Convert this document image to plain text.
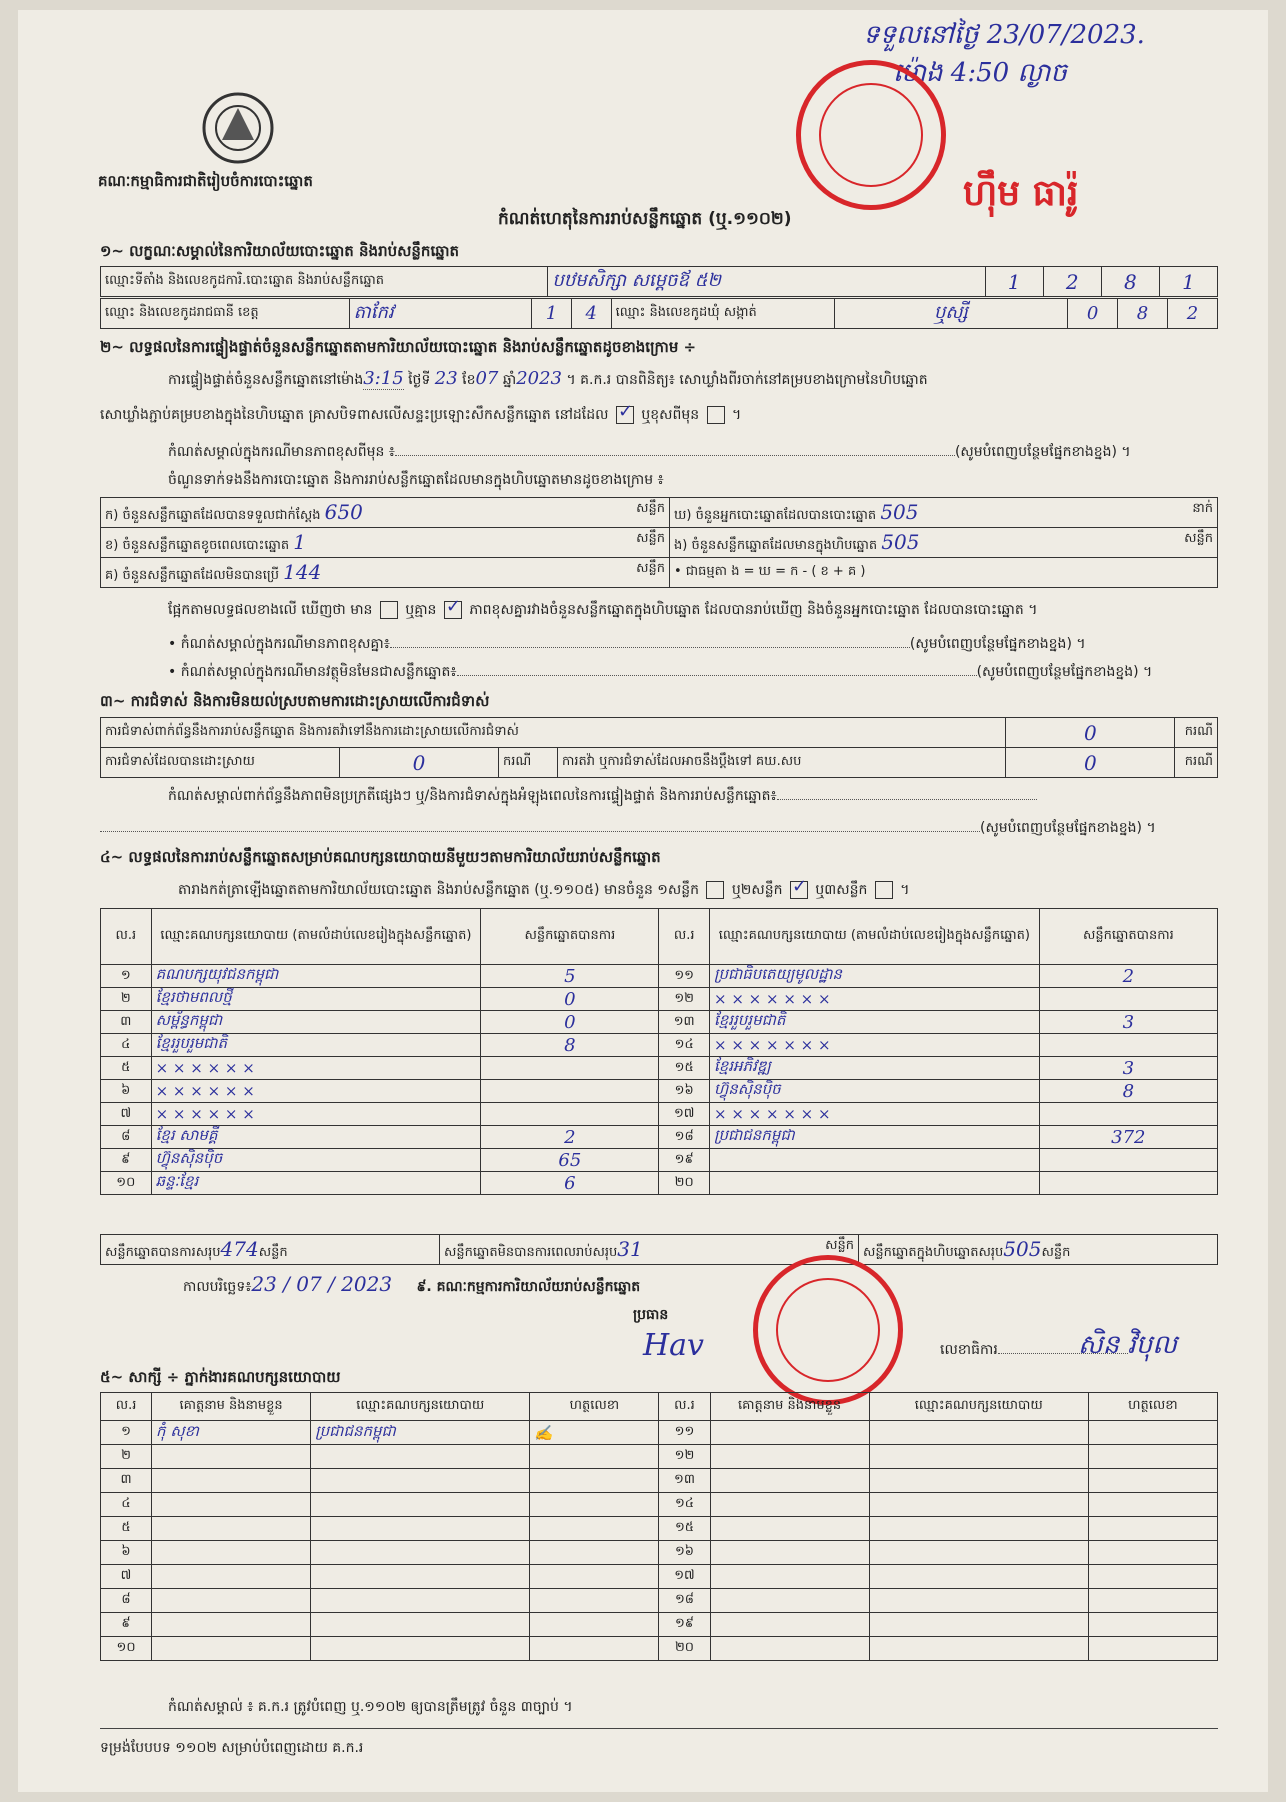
ទទួលនៅថ្ងៃ 23/07/2023.
ម៉ោង 4:50 ល្ងាច
គណៈកម្មាធិការជាតិរៀបចំការបោះឆ្នោត	ហ៊ឹម ធារ៉ូ
កំណត់ហេតុនៃការរាប់សន្លឹកឆ្នោត (ឬ.១១០២)
១~ លក្ខណៈសម្គាល់នៃការិយាល័យបោះឆ្នោត និងរាប់សន្លឹកឆ្នោត
ឈ្មោះទីតាំង និងលេខកូដការិ.បោះឆ្នោត និងរាប់សន្លឹកឆ្នោត	បឋមសិក្សា សម្ដេចឪ ៥២	1	2	8	1
ឈ្មោះ និងលេខកូដរាជធានី ខេត្ត	តាកែវ	1	4	ឈ្មោះ និងលេខកូដឃុំ សង្កាត់	ឬស្សី	0	8	2
២~ លទ្ធផលនៃការផ្ទៀងផ្ទាត់ចំនួនសន្លឹកឆ្នោតតាមការិយាល័យបោះឆ្នោត និងរាប់សន្លឹកឆ្នោតដូចខាងក្រោម ÷
ការផ្ទៀងផ្ទាត់ចំនួនសន្លឹកឆ្នោតនៅម៉ោង3:15 ថ្ងៃទី 23 ខែ07 ឆ្នាំ2023 ។ គ.ក.រ បានពិនិត្យ៖ សោឃ្លាំងពីរចាក់នៅគម្របខាងក្រោមនៃហិបឆ្នោត
សោឃ្លាំងភ្ជាប់គម្របខាងក្នុងនៃហិបឆ្នោត គ្រាសបិទពាសលើសន្ទះប្រឡោះសឹកសន្លឹកឆ្នោត នៅដដែល ✓ ឬខុសពីមុន  ។
កំណត់សម្គាល់ក្នុងករណីមានភាពខុសពីមុន ៖	(សូមបំពេញបន្ថែមផ្នែកខាងខ្នង) ។
ចំណួនទាក់ទងនឹងការបោះឆ្នោត និងការរាប់សន្លឹកឆ្នោតដែលមានក្នុងហិបឆ្នោតមានដូចខាងក្រោម ៖
ក) ចំនួនសន្លឹកឆ្នោតដែលបានទទួលជាក់ស្ដែង 650 សន្លឹក	ឃ) ចំនួនអ្នកបោះឆ្នោតដែលបានបោះឆ្នោត 505 នាក់

ខ) ចំនួនសន្លឹកឆ្នោតខូចពេលបោះឆ្នោត 1 សន្លឹក	ង) ចំនួនសន្លឹកឆ្នោតដែលមានក្នុងហិបឆ្នោត 505 សន្លឹក

គ) ចំនួនសន្លឹកឆ្នោតដែលមិនបានប្រើ 144 សន្លឹក	• ជាធម្មតា ង = ឃ = ក - ( ខ + គ )
ផ្អែកតាមលទ្ធផលខាងលើ ឃើញថា មាន ឬគ្មាន ✓ ភាពខុសគ្នារវាងចំនួនសន្លឹកឆ្នោតក្នុងហិបឆ្នោត ដែលបានរាប់ឃើញ និងចំនួនអ្នកបោះឆ្នោត ដែលបានបោះឆ្នោត ។
• កំណត់សម្គាល់ក្នុងករណីមានភាពខុសគ្នា៖	(សូមបំពេញបន្ថែមផ្នែកខាងខ្នង) ។
• កំណត់សម្គាល់ក្នុងករណីមានវត្ថុមិនមែនជាសន្លឹកឆ្នោត៖	(សូមបំពេញបន្ថែមផ្នែកខាងខ្នង) ។
៣~ ការជំទាស់ និងការមិនយល់ស្របតាមការដោះស្រាយលើការជំទាស់
ការជំទាស់ពាក់ព័ន្ធនឹងការរាប់សន្លឹកឆ្នោត និងការតវ៉ាទៅនឹងការដោះស្រាយលើការជំទាស់				0	ករណី
ការជំទាស់ដែលបានដោះស្រាយ	0	ករណី	ការតវ៉ា ឬការជំទាស់ដែលអាចនឹងប្ដឹងទៅ គឃ.សប	0	ករណី
កំណត់សម្គាល់ពាក់ព័ន្ធនឹងភាពមិនប្រក្រតីផ្សេងៗ ឬ/និងការជំទាស់ក្នុងអំឡុងពេលនៃការផ្ទៀងផ្ទាត់ និងការរាប់សន្លឹកឆ្នោត៖
(សូមបំពេញបន្ថែមផ្នែកខាងខ្នង) ។
៤~ លទ្ធផលនៃការរាប់សន្លឹកឆ្នោតសម្រាប់គណបក្សនយោបាយនីមួយៗតាមការិយាល័យរាប់សន្លឹកឆ្នោត
តារាងកត់ត្រាឡើងឆ្នោតតាមការិយាល័យបោះឆ្នោត និងរាប់សន្លឹកឆ្នោត (ឬ.១១០៥) មានចំនួន ១សន្លឹក ឬ២សន្លឹក ✓ ឬ៣សន្លឹក  ។
ល.រ	ឈ្មោះគណបក្សនយោបាយ (តាមលំដាប់លេខរៀងក្នុងសន្លឹកឆ្នោត)	សន្លឹកឆ្នោតបានការ	ល.រ	ឈ្មោះគណបក្សនយោបាយ (តាមលំដាប់លេខរៀងក្នុងសន្លឹកឆ្នោត)	សន្លឹកឆ្នោតបានការ
១	គណបក្សយុវជនកម្ពុជា	5	១១	ប្រជាធិបតេយ្យមូលដ្ឋាន	2
២	ខ្មែរថាមពលថ្មី	0	១២	× × × × × × ×	
៣	សម្ព័ន្ធកម្ពុជា	0	១៣	ខ្មែររួបរួមជាតិ	3
៤	ខ្មែររួបរួមជាតិ	8	១៤	× × × × × × ×	
៥	× × × × × ×		១៥	ខ្មែរអភិវឌ្ឍ	3
៦	× × × × × ×		១៦	ហ៊្វុនស៊ិនប៉ិច	8
៧	× × × × × ×		១៧	× × × × × × ×	
៨	ខ្មែរ សាមគ្គី	2	១៨	ប្រជាជនកម្ពុជា	372
៩	ហ៊្វុនស៊ិនប៉ិច	65	១៩		
១០	ឆន្ទៈខ្មែរ	6	២០		
សន្លឹកឆ្នោតបានការសរុប474សន្លឹក	សន្លឹកឆ្នោតមិនបានការពេលរាប់សរុប31	សន្លឹក	សន្លឹកឆ្នោតក្នុងហិបឆ្នោតសរុប505សន្លឹក
កាលបរិច្ឆេទ៖23 / 07 / 2023 ៩. គណៈកម្មការការិយាល័យរាប់សន្លឹកឆ្នោត
ប្រធាន
Hav	លេខាធិការ	សិន វិបុល
៥~ សាក្សី ÷ ភ្នាក់ងារគណបក្សនយោបាយ
ល.រ	គោត្តនាម និងនាមខ្លួន	ឈ្មោះគណបក្សនយោបាយ	ហត្ថលេខា	ល.រ	គោត្តនាម និងនាមខ្លួន	ឈ្មោះគណបក្សនយោបាយ	ហត្ថលេខា
១	កុំ សុខា	ប្រជាជនកម្ពុជា	✍	១១			
២				១២			
៣				១៣			
៤				១៤			
៥				១៥			
៦				១៦			
៧				១៧			
៨				១៨			
៩				១៩			
១០				២០			
កំណត់សម្គាល់ ៖ គ.ក.រ ត្រូវបំពេញ ឬ.១១០២ ឲ្យបានត្រឹមត្រូវ ចំនួន ៣ច្បាប់ ។
ទម្រង់បែបបទ ១១០២ សម្រាប់បំពេញដោយ គ.ក.រ
